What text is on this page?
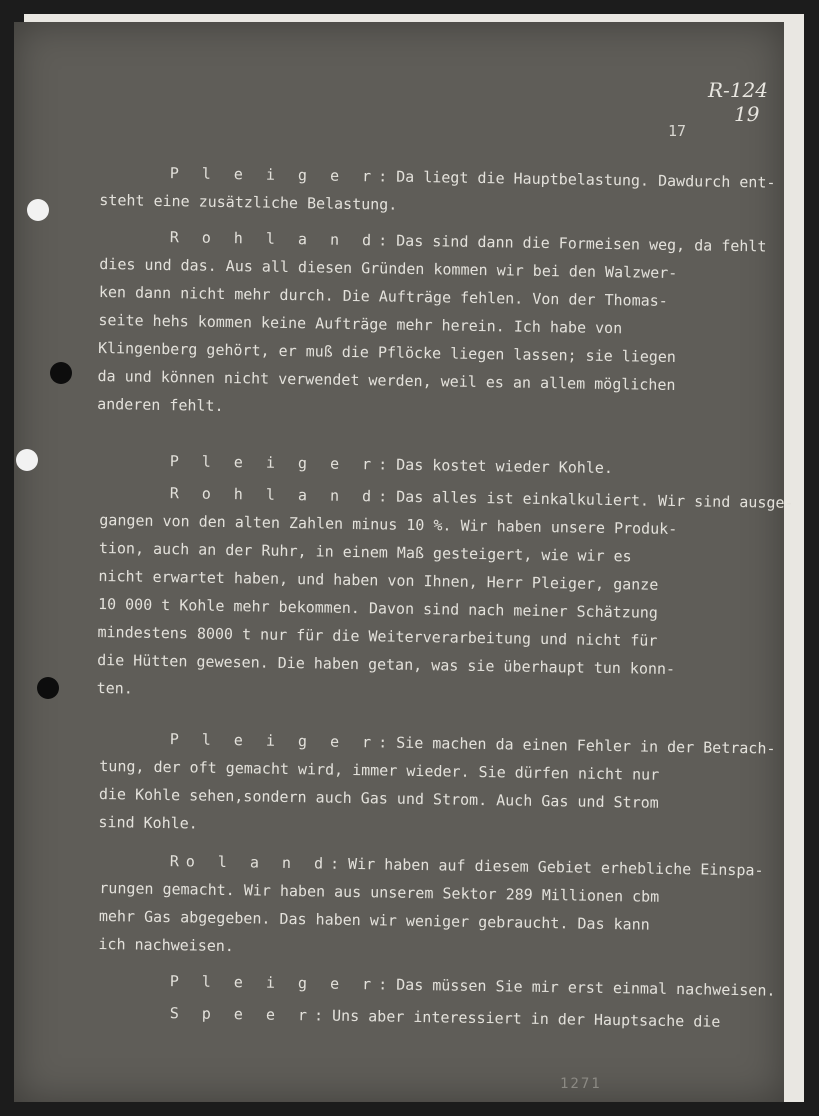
R-124
19
17
P l e i g e r: Da liegt die Hauptbelastung. Dawdurch ent-
steht eine zusätzliche Belastung.
R o h l a n d: Das sind dann die Formeisen weg, da fehlt
dies und das. Aus all diesen Gründen kommen wir bei den Walzwer-
ken dann nicht mehr durch. Die Aufträge fehlen. Von der Thomas-
seite hehs kommen keine Aufträge mehr herein. Ich habe von
Klingenberg gehört, er muß die Pflöcke liegen lassen; sie liegen
da und können nicht verwendet werden, weil es an allem möglichen
anderen fehlt.
P l e i g e r: Das kostet wieder Kohle.
R o h l a n d: Das alles ist einkalkuliert. Wir sind ausge-
gangen von den alten Zahlen minus 10 %. Wir haben unsere Produk-
tion, auch an der Ruhr, in einem Maß gesteigert, wie wir es
nicht erwartet haben, und haben von Ihnen, Herr Pleiger, ganze
10 000 t Kohle mehr bekommen. Davon sind nach meiner Schätzung
mindestens 8000 t nur für die Weiterverarbeitung und nicht für
die Hütten gewesen. Die haben getan, was sie überhaupt tun konn-
ten.
P l e i g e r: Sie machen da einen Fehler in der Betrach-
tung, der oft gemacht wird, immer wieder. Sie dürfen nicht nur
die Kohle sehen,sondern auch Gas und Strom. Auch Gas und Strom
sind Kohle.
Ro l a n d: Wir haben auf diesem Gebiet erhebliche Einspa-
rungen gemacht. Wir haben aus unserem Sektor 289 Millionen cbm
mehr Gas abgegeben. Das haben wir weniger gebraucht. Das kann
ich nachweisen.
P l e i g e r: Das müssen Sie mir erst einmal nachweisen.
S p e e r: Uns aber interessiert in der Hauptsache die
1271
